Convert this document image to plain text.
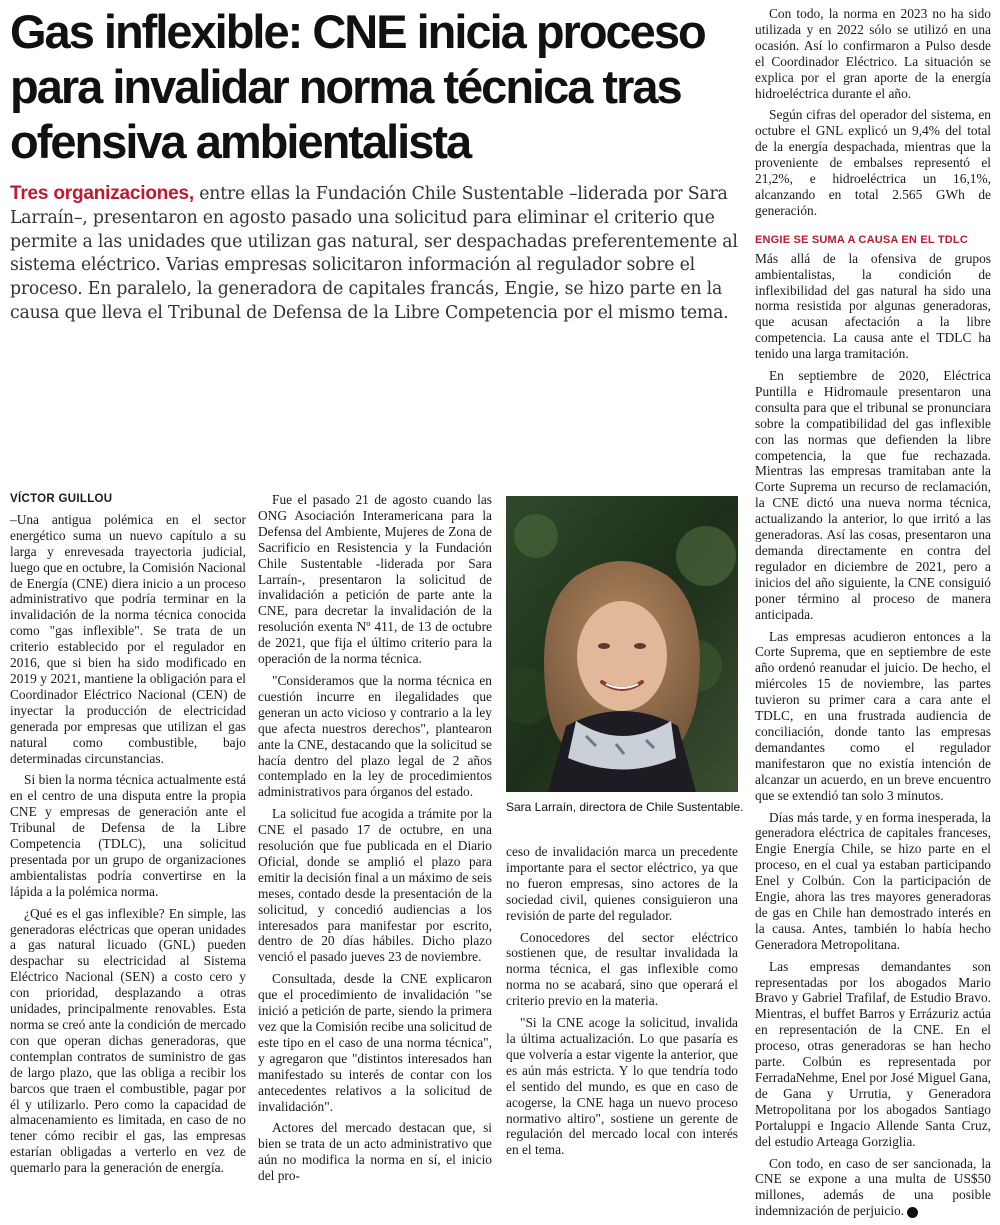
Gas inflexible: CNE inicia proceso para invalidar norma técnica tras ofensiva ambientalista

Tres organizaciones, entre ellas la Fundación Chile Sustentable –liderada por Sara Larraín–, presentaron en agosto pasado una solicitud para eliminar el criterio que permite a las unidades que utilizan gas natural, ser despachadas preferentemente al sistema eléctrico. Varias empresas solicitaron información al regulador sobre el proceso. En paralelo, la generadora de capitales francás, Engie, se hizo parte en la causa que lleva el Tribunal de Defensa de la Libre Competencia por el mismo tema.

VÍCTOR GUILLOU

–Una antigua polémica en el sector energético suma un nuevo capítulo a su larga y enrevesada trayectoria judicial, luego que en octubre, la Comisión Nacional de Energía (CNE) diera inicio a un proceso administrativo que podría terminar en la invalidación de la norma técnica conocida como "gas inflexible". Se trata de un criterio establecido por el regulador en 2016, que si bien ha sido modificado en 2019 y 2021, mantiene la obligación para el Coordinador Eléctrico Nacional (CEN) de inyectar la producción de electricidad generada por empresas que utilizan el gas natural como combustible, bajo determinadas circunstancias.

Si bien la norma técnica actualmente está en el centro de una disputa entre la propia CNE y empresas de generación ante el Tribunal de Defensa de la Libre Competencia (TDLC), una solicitud presentada por un grupo de organizaciones ambientalistas podría convertirse en la lápida a la polémica norma.

¿Qué es el gas inflexible? En simple, las generadoras eléctricas que operan unidades a gas natural licuado (GNL) pueden despachar su electricidad al Sistema Eléctrico Nacional (SEN) a costo cero y con prioridad, desplazando a otras unidades, principalmente renovables. Esta norma se creó ante la condición de mercado con que operan dichas generadoras, que contemplan contratos de suministro de gas de largo plazo, que las obliga a recibir los barcos que traen el combustible, pagar por él y utilizarlo. Pero como la capacidad de almacenamiento es limitada, en caso de no tener cómo recibir el gas, las empresas estarían obligadas a verterlo en vez de quemarlo para la generación de energía.

Fue el pasado 21 de agosto cuando las ONG Asociación Interamericana para la Defensa del Ambiente, Mujeres de Zona de Sacrificio en Resistencia y la Fundación Chile Sustentable -liderada por Sara Larraín-, presentaron la solicitud de invalidación a petición de parte ante la CNE, para decretar la invalidación de la resolución exenta Nº 411, de 13 de octubre de 2021, que fija el último criterio para la operación de la norma técnica.

"Consideramos que la norma técnica en cuestión incurre en ilegalidades que generan un acto vicioso y contrario a la ley que afecta nuestros derechos", plantearon ante la CNE, destacando que la solicitud se hacía dentro del plazo legal de 2 años contemplado en la ley de procedimientos administrativos para órganos del estado.

La solicitud fue acogida a trámite por la CNE el pasado 17 de octubre, en una resolución que fue publicada en el Diario Oficial, donde se amplió el plazo para emitir la decisión final a un máximo de seis meses, contado desde la presentación de la solicitud, y concedió audiencias a los interesados para manifestar por escrito, dentro de 20 días hábiles. Dicho plazo venció el pasado jueves 23 de noviembre.

Consultada, desde la CNE explicaron que el procedimiento de invalidación "se inició a petición de parte, siendo la primera vez que la Comisión recibe una solicitud de este tipo en el caso de una norma técnica", y agregaron que "distintos interesados han manifestado su interés de contar con los antecedentes relativos a la solicitud de invalidación".

Actores del mercado destacan que, si bien se trata de un acto administrativo que aún no modifica la norma en sí, el inicio del pro-

Sara Larraín, directora de Chile Sustentable.

ceso de invalidación marca un precedente importante para el sector eléctrico, ya que no fueron empresas, sino actores de la sociedad civil, quienes consiguieron una revisión de parte del regulador.

Conocedores del sector eléctrico sostienen que, de resultar invalidada la norma técnica, el gas inflexible como norma no se acabará, sino que operará el criterio previo en la materia.

"Si la CNE acoge la solicitud, invalida la última actualización. Lo que pasaría es que volvería a estar vigente la anterior, que es aún más estricta. Y lo que tendría todo el sentido del mundo, es que en caso de acogerse, la CNE haga un nuevo proceso normativo altiro", sostiene un gerente de regulación del mercado local con interés en el tema.

Con todo, la norma en 2023 no ha sido utilizada y en 2022 sólo se utilizó en una ocasión. Así lo confirmaron a Pulso desde el Coordinador Eléctrico. La situación se explica por el gran aporte de la energía hidroeléctrica durante el año.

Según cifras del operador del sistema, en octubre el GNL explicó un 9,4% del total de la energía despachada, mientras que la proveniente de embalses representó el 21,2%, e hidroeléctrica un 16,1%, alcanzando en total 2.565 GWh de generación.

ENGIE SE SUMA A CAUSA EN EL TDLC

Más allá de la ofensiva de grupos ambientalistas, la condición de inflexibilidad del gas natural ha sido una norma resistida por algunas generadoras, que acusan afectación a la libre competencia. La causa ante el TDLC ha tenido una larga tramitación.

En septiembre de 2020, Eléctrica Puntilla e Hidromaule presentaron una consulta para que el tribunal se pronunciara sobre la compatibilidad del gas inflexible con las normas que defienden la libre competencia, la que fue rechazada. Mientras las empresas tramitaban ante la Corte Suprema un recurso de reclamación, la CNE dictó una nueva norma técnica, actualizando la anterior, lo que irritó a las generadoras. Así las cosas, presentaron una demanda directamente en contra del regulador en diciembre de 2021, pero a inicios del año siguiente, la CNE consiguió poner término al proceso de manera anticipada.

Las empresas acudieron entonces a la Corte Suprema, que en septiembre de este año ordenó reanudar el juicio. De hecho, el miércoles 15 de noviembre, las partes tuvieron su primer cara a cara ante el TDLC, en una frustrada audiencia de conciliación, donde tanto las empresas demandantes como el regulador manifestaron que no existía intención de alcanzar un acuerdo, en un breve encuentro que se extendió tan solo 3 minutos.

Días más tarde, y en forma inesperada, la generadora eléctrica de capitales franceses, Engie Energía Chile, se hizo parte en el proceso, en el cual ya estaban participando Enel y Colbún. Con la participación de Engie, ahora las tres mayores generadoras de gas en Chile han demostrado interés en la causa. Antes, también lo había hecho Generadora Metropolitana.

Las empresas demandantes son representadas por los abogados Mario Bravo y Gabriel Trafilaf, de Estudio Bravo. Mientras, el buffet Barros y Errázuriz actúa en representación de la CNE. En el proceso, otras generadoras se han hecho parte. Colbún es representada por FerradaNehme, Enel por José Miguel Gana, de Gana y Urrutia, y Generadora Metropolitana por los abogados Santiago Portaluppi e Ingacio Allende Santa Cruz, del estudio Arteaga Gorziglia.

Con todo, en caso de ser sancionada, la CNE se expone a una multa de US$50 millones, además de una posible indemnización de perjuicio. P
